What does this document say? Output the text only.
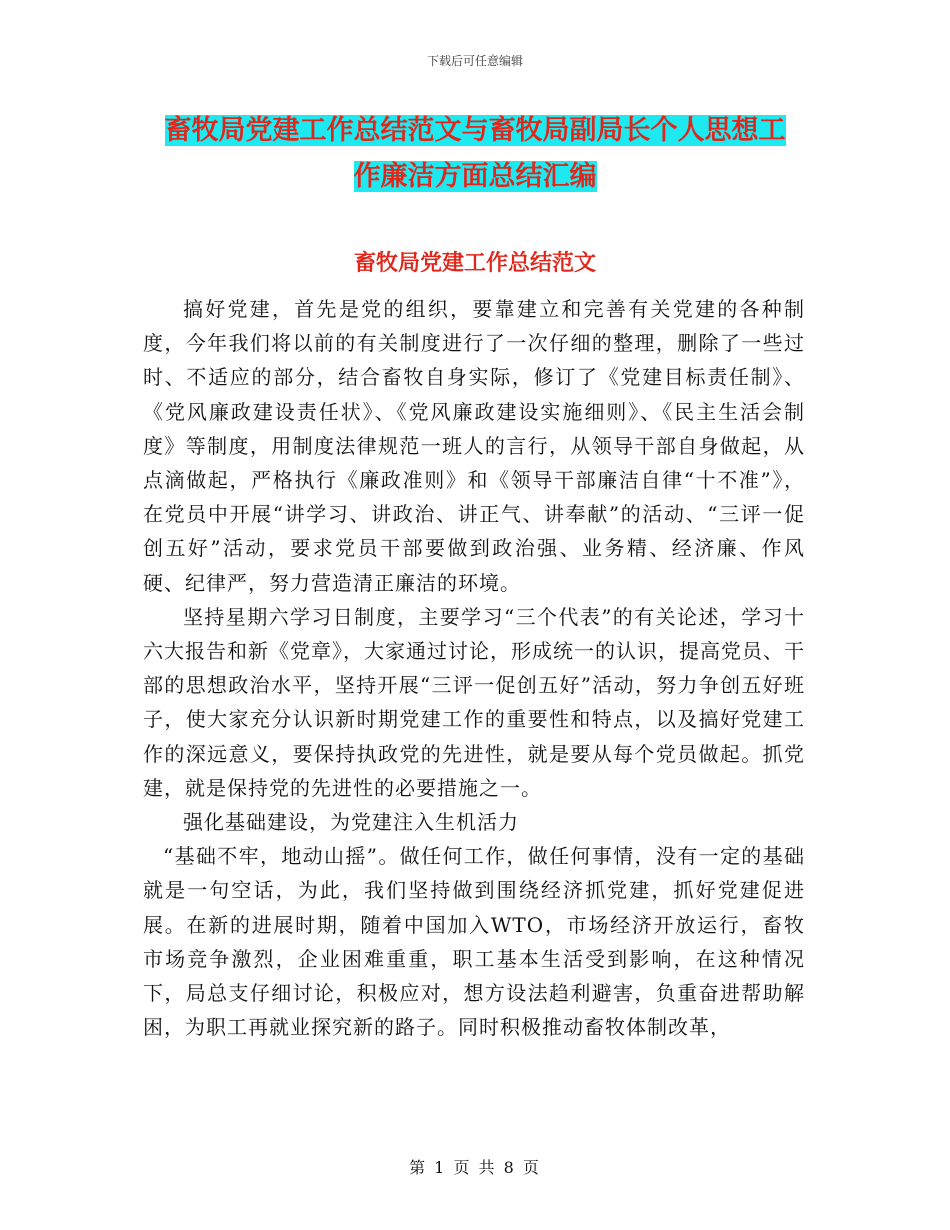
下载后可任意编辑
畜牧局党建工作总结范文与畜牧局副局长个人思想工
作廉洁方面总结汇编
畜牧局党建工作总结范文

搞好党建，首先是党的组织，要靠建立和完善有关党建的各种制度，今年我们将以前的有关制度进行了一次仔细的整理，删除了一些过时、不适应的部分，结合畜牧自身实际，修订了《党建目标责任制》、《党风廉政建设责任状》、《党风廉政建设实施细则》、《民主生活会制度》等制度，用制度法律规范一班人的言行，从领导干部自身做起，从点滴做起，严格执行《廉政准则》和《领导干部廉洁自律“十不准”》，在党员中开展“讲学习、讲政治、讲正气、讲奉献”的活动、“三评一促创五好”活动，要求党员干部要做到政治强、业务精、经济廉、作风硬、纪律严，努力营造清正廉洁的环境。

坚持星期六学习日制度，主要学习“三个代表”的有关论述，学习十六大报告和新《党章》，大家通过讨论，形成统一的认识，提高党员、干部的思想政治水平，坚持开展“三评一促创五好”活动，努力争创五好班子，使大家充分认识新时期党建工作的重要性和特点，以及搞好党建工作的深远意义，要保持执政党的先进性，就是要从每个党员做起。抓党建，就是保持党的先进性的必要措施之一。

强化基础建设，为党建注入生机活力

“基础不牢，地动山摇”。做任何工作，做任何事情，没有一定的基础就是一句空话，为此，我们坚持做到围绕经济抓党建，抓好党建促进展。在新的进展时期，随着中国加入WTO，市场经济开放运行，畜牧市场竞争激烈，企业困难重重，职工基本生活受到影响，在这种情况下，局总支仔细讨论，积极应对，想方设法趋利避害，负重奋进帮助解困，为职工再就业探究新的路子。同时积极推动畜牧体制改革，

第 1 页 共 8 页
